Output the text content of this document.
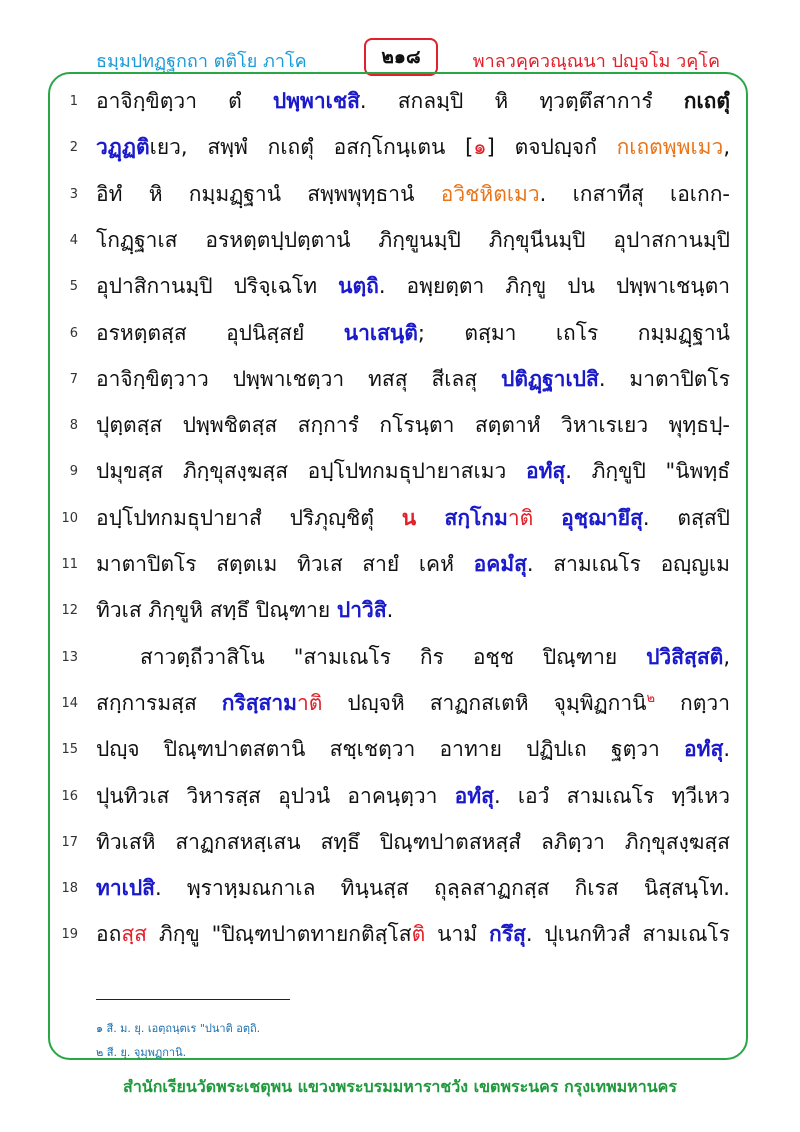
ธมฺมปทฏฺฐกถา ตติโย ภาโค	๒๑๘	พาลวคฺควณฺณนา ปญฺจโม วคฺโค
1 อาจิกฺขิตฺวา ตํ ปพฺพาเชสิ. สกลมฺปิ หิ ทฺวตฺตึสาการํ กเถตุํ
2 วฏฺฏติเยว, สพฺพํ กเถตุํ อสกฺโกนฺเตน [๑] ตจปญฺจกํ กเถตพฺพเมว,
3 อิทํ หิ กมฺมฏฺฐานํ สพฺพพุทฺธานํ อวิชหิตเมว. เกสาทีสุ เอเกก-
4 โกฏฺฐาเส อรหตฺตปฺปตฺตานํ ภิกฺขูนมฺปิ ภิกฺขุนีนมฺปิ อุปาสกานมฺปิ
5 อุปาสิกานมฺปิ ปริจฺเฉโท นตฺถิ. อพฺยตฺตา ภิกฺขู ปน ปพฺพาเชนฺตา
6 อรหตฺตสฺส อุปนิสฺสยํ นาเสนฺติ; ตสฺมา เถโร กมฺมฏฺฐานํ
7 อาจิกฺขิตฺวาว ปพฺพาเชตฺวา ทสสุ สีเลสุ ปติฏฺฐาเปสิ. มาตาปิตโร
8 ปุตฺตสฺส ปพฺพชิตสฺส สกฺการํ กโรนฺตา สตฺตาหํ วิหาเรเยว พุทฺธปฺ-
9 ปมุขสฺส ภิกฺขุสงฺฆสฺส อปฺโปทกมธุปายาสเมว อทํสุ. ภิกฺขูปิ "นิพทฺธํ
10 อปฺโปทกมธุปายาสํ ปริภุญฺชิตุํ น สกฺโกมาติ อุชฺฌายึสุ. ตสฺสปิ
11 มาตาปิตโร สตฺตเม ทิวเส สายํ เคหํ อคมํสุ. สามเณโร อญฺญเม
12 ทิวเส ภิกฺขูหิ สทฺธึ ปิณฺฑาย ปาวิสิ.
13	สาวตฺถีวาสิโน "สามเณโร กิร อชฺช ปิณฺฑาย ปวิสิสฺสติ,
14 สกฺการมสฺส กริสฺสามาติ ปญฺจหิ สาฏกสเตหิ จุมฺพิฏกานิ$^๒$ กตฺวา
15 ปญฺจ ปิณฺฑปาตสตานิ สชฺเชตฺวา อาทาย ปฏิปเถ ฐตฺวา อทํสุ.
16 ปุนทิวเส วิหารสฺส อุปวนํ อาคนฺตฺวา อทํสุ. เอวํ สามเณโร ทฺวีเหว
17 ทิวเสหิ สาฏกสหสฺเสน สทฺธึ ปิณฺฑปาตสหสฺสํ ลภิตฺวา ภิกฺขุสงฺฆสฺส
18 ทาเปสิ. พฺราหฺมณกาเล ทินฺนสฺส ถุลฺลสาฏกสฺส กิเรส นิสฺสนฺโท.
19 อถสฺส ภิกฺขู "ปิณฺฑปาตทายกติสฺโสติ นามํ กรึสุ. ปุเนกทิวสํ สามเณโร
๑ สี. ม. ยุ. เอตฺถนฺตเร "ปนาติ อตฺถิ.
๒ สี. ยุ. จุมฺพฏกานิ.
สำนักเรียนวัดพระเชตุพน แขวงพระบรมมหาราชวัง เขตพระนคร กรุงเทพมหานคร
